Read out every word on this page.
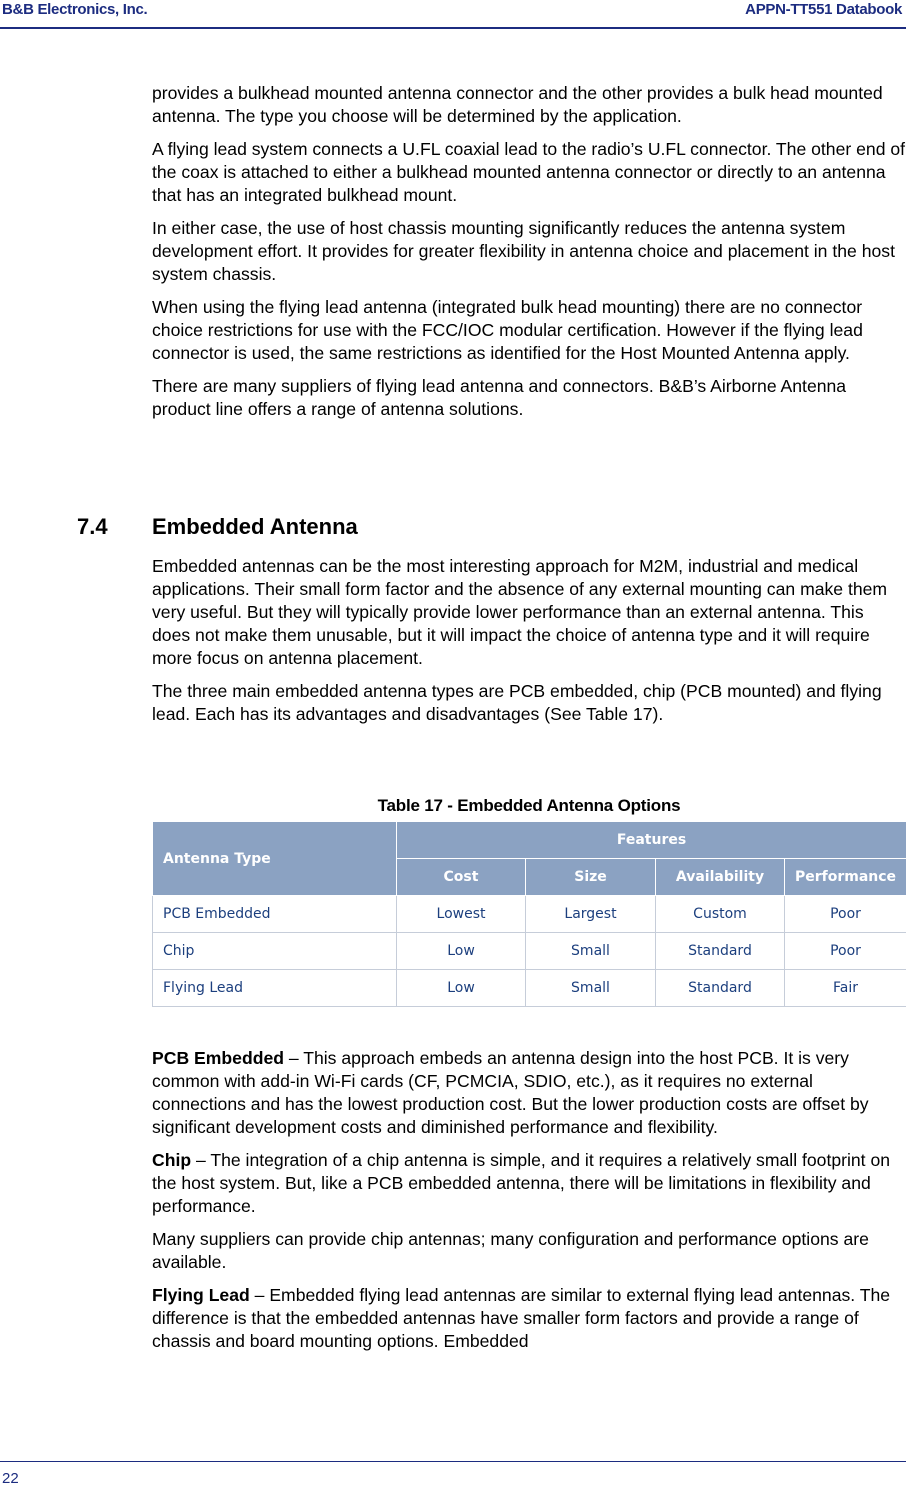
B&B Electronics, Inc.	APPN-TT551 Databook

provides a bulkhead mounted antenna connector and the other provides a bulk head mounted antenna. The type you choose will be determined by the application.

A flying lead system connects a U.FL coaxial lead to the radio’s U.FL connector. The other end of the coax is attached to either a bulkhead mounted antenna connector or directly to an antenna that has an integrated bulkhead mount.

In either case, the use of host chassis mounting significantly reduces the antenna system development effort. It provides for greater flexibility in antenna choice and placement in the host system chassis.

When using the flying lead antenna (integrated bulk head mounting) there are no connector choice restrictions for use with the FCC/IOC modular certification. However if the flying lead connector is used, the same restrictions as identified for the Host Mounted Antenna apply.

There are many suppliers of flying lead antenna and connectors. B&B’s Airborne Antenna product line offers a range of antenna solutions.

7.4 Embedded Antenna

Embedded antennas can be the most interesting approach for M2M, industrial and medical applications. Their small form factor and the absence of any external mounting can make them very useful. But they will typically provide lower performance than an external antenna. This does not make them unusable, but it will impact the choice of antenna type and it will require more focus on antenna placement.

The three main embedded antenna types are PCB embedded, chip (PCB mounted) and flying lead. Each has its advantages and disadvantages (See Table 17).

Table 17 - Embedded Antenna Options
Antenna Type	Features			
	Cost	Size	Availability	Performance
PCB Embedded	Lowest	Largest	Custom	Poor
Chip	Low	Small	Standard	Poor
Flying Lead	Low	Small	Standard	Fair

PCB Embedded – This approach embeds an antenna design into the host PCB. It is very common with add-in Wi-Fi cards (CF, PCMCIA, SDIO, etc.), as it requires no external connections and has the lowest production cost. But the lower production costs are offset by significant development costs and diminished performance and flexibility.

Chip – The integration of a chip antenna is simple, and it requires a relatively small footprint on the host system. But, like a PCB embedded antenna, there will be limitations in flexibility and performance.

Many suppliers can provide chip antennas; many configuration and performance options are available.

Flying Lead – Embedded flying lead antennas are similar to external flying lead antennas. The difference is that the embedded antennas have smaller form factors and provide a range of chassis and board mounting options. Embedded

22
